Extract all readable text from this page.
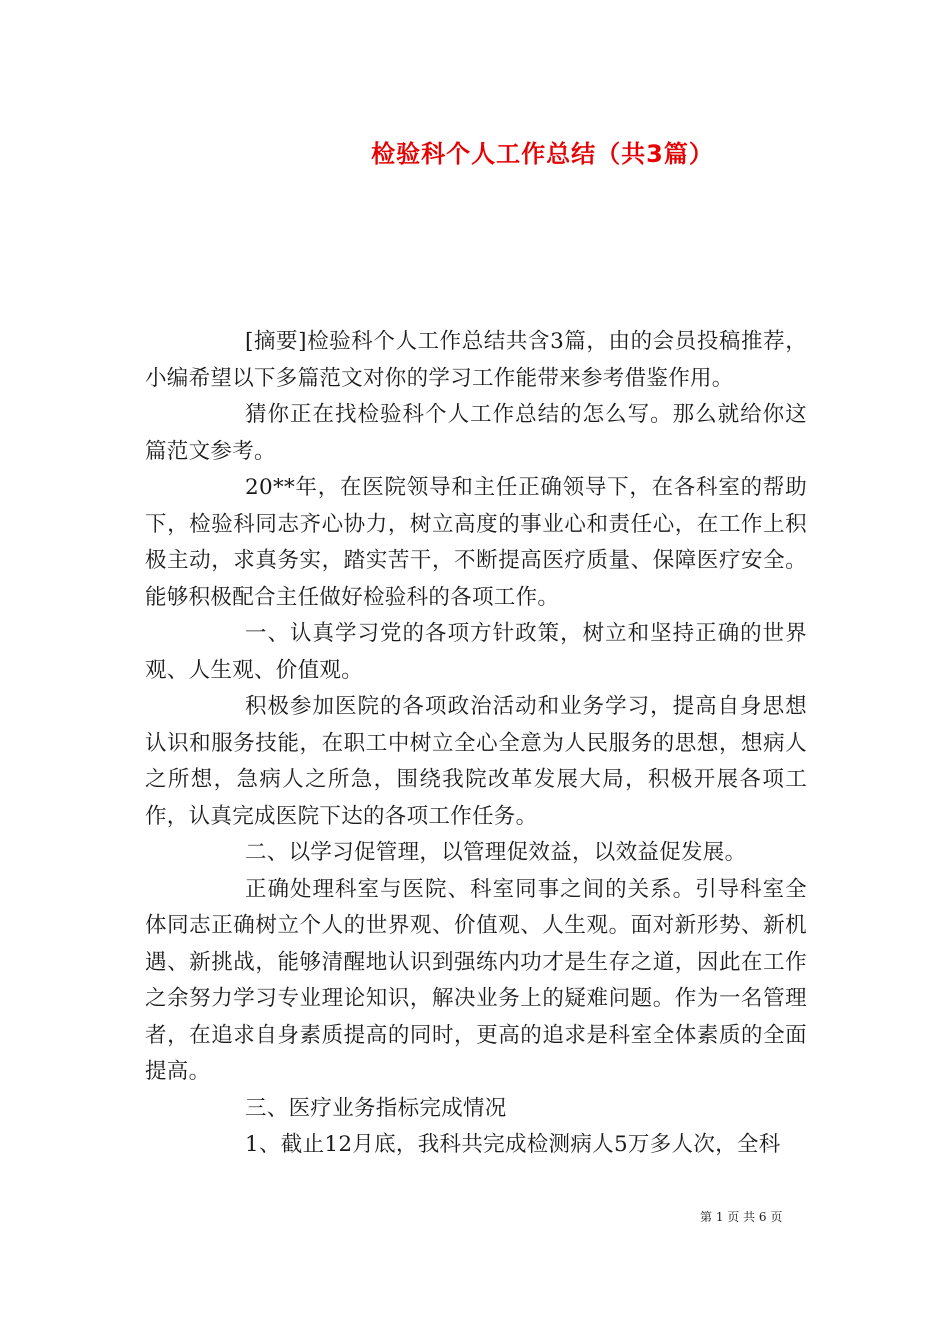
检验科个人工作总结（共3篇）

[摘要]检验科个人工作总结共含3篇，由的会员投稿推荐，小编希望以下多篇范文对你的学习工作能带来参考借鉴作用。

猜你正在找检验科个人工作总结的怎么写。那么就给你这篇范文参考。

20**年，在医院领导和主任正确领导下，在各科室的帮助下，检验科同志齐心协力，树立高度的事业心和责任心，在工作上积极主动，求真务实，踏实苦干，不断提高医疗质量、保障医疗安全。能够积极配合主任做好检验科的各项工作。

一、认真学习党的各项方针政策，树立和坚持正确的世界观、人生观、价值观。

积极参加医院的各项政治活动和业务学习，提高自身思想认识和服务技能，在职工中树立全心全意为人民服务的思想，想病人之所想，急病人之所急，围绕我院改革发展大局，积极开展各项工作，认真完成医院下达的各项工作任务。

二、以学习促管理，以管理促效益，以效益促发展。

正确处理科室与医院、科室同事之间的关系。引导科室全体同志正确树立个人的世界观、价值观、人生观。面对新形势、新机遇、新挑战，能够清醒地认识到强练内功才是生存之道，因此在工作之余努力学习专业理论知识，解决业务上的疑难问题。作为一名管理者，在追求自身素质提高的同时，更高的追求是科室全体素质的全面提高。

三、医疗业务指标完成情况

1、截止12月底，我科共完成检测病人5万多人次，全科

第 1 页 共 6 页
